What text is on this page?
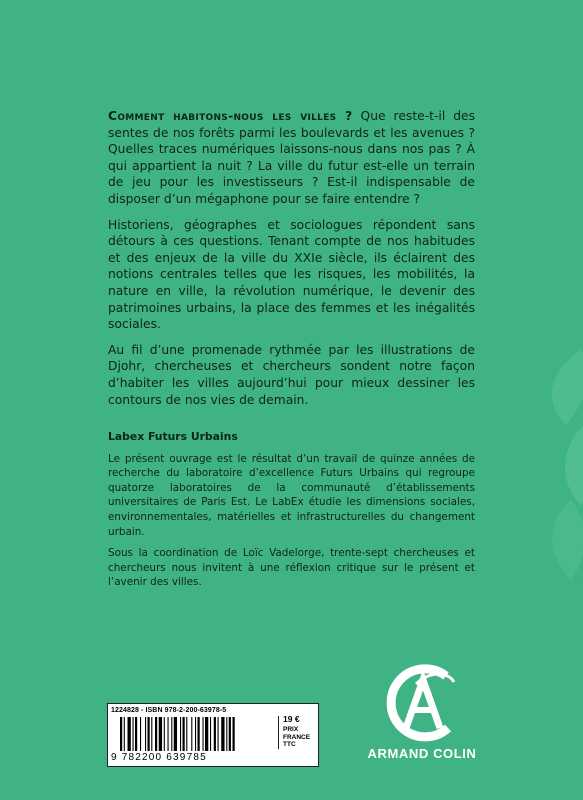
Comment habitons-nous les villes ? Que reste-t-il des sentes de nos forêts parmi les boulevards et les avenues ? Quelles traces numériques laissons-nous dans nos pas ? À qui appartient la nuit ? La ville du futur est-elle un terrain de jeu pour les investisseurs ? Est-il indispensable de disposer d’un mégaphone pour se faire entendre ?

Historiens, géographes et sociologues répondent sans détours à ces questions. Tenant compte de nos habitudes et des enjeux de la ville du XXIe siècle, ils éclairent des notions centrales telles que les risques, les mobilités, la nature en ville, la révolution numérique, le devenir des patrimoines urbains, la place des femmes et les inégalités sociales.

Au fil d’une promenade rythmée par les illustrations de Djohr, chercheuses et chercheurs sondent notre façon d’habiter les villes aujourd’hui pour mieux dessiner les contours de nos vies de demain.

Labex Futurs Urbains

Le présent ouvrage est le résultat d’un travail de quinze années de recherche du laboratoire d’excellence Futurs Urbains qui regroupe quatorze laboratoires de la communauté d’établissements universitaires de Paris Est. Le LabEx étudie les dimensions sociales, environnementales, matérielles et infrastructurelles du changement urbain.

Sous la coordination de Loïc Vadelorge, trente-sept chercheuses et chercheurs nous invitent à une réflexion critique sur le présent et l’avenir des villes.

1224828 - ISBN 978-2-200-63978-5
9 782200 639785
19 €
PRIX
FRANCE
TTC
ARMAND COLIN
